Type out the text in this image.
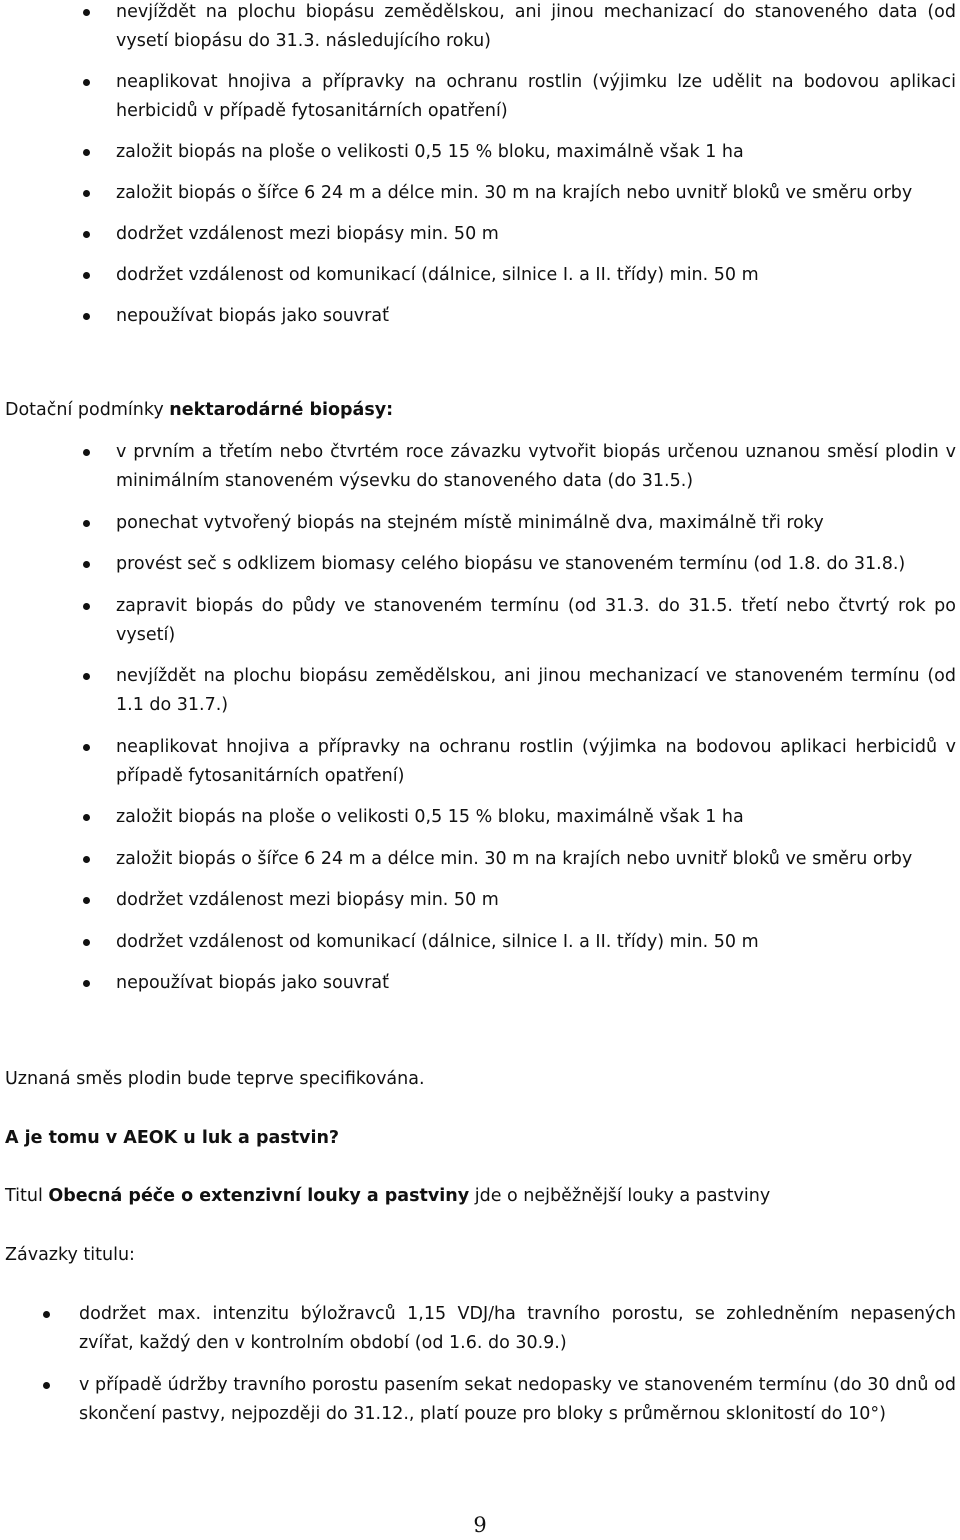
nevjíždět na plochu biopásu zemědělskou, ani jinou mechanizací do stanoveného data (od vysetí biopásu do 31.3. následujícího roku)
neaplikovat hnojiva a přípravky na ochranu rostlin (výjimku lze udělit na bodovou aplikaci herbicidů v případě fytosanitárních opatření)
založit biopás na ploše o velikosti 0,5 15 % bloku, maximálně však 1 ha
založit biopás o šířce 6 24 m a délce min. 30 m na krajích nebo uvnitř bloků ve směru orby
dodržet vzdálenost mezi biopásy min. 50 m
dodržet vzdálenost od komunikací (dálnice, silnice I. a II. třídy) min. 50 m
nepoužívat biopás jako souvrať

Dotační podmínky nektarodárné biopásy:

v prvním a třetím nebo čtvrtém roce závazku vytvořit biopás určenou uznanou směsí plodin v minimálním stanoveném výsevku do stanoveného data (do 31.5.)
ponechat vytvořený biopás na stejném místě minimálně dva, maximálně tři roky
provést seč s odklizem biomasy celého biopásu ve stanoveném termínu (od 1.8. do 31.8.)
zapravit biopás do půdy ve stanoveném termínu (od 31.3. do 31.5. třetí nebo čtvrtý rok po vysetí)
nevjíždět na plochu biopásu zemědělskou, ani jinou mechanizací ve stanoveném termínu (od 1.1 do 31.7.)
neaplikovat hnojiva a přípravky na ochranu rostlin (výjimka na bodovou aplikaci herbicidů v případě fytosanitárních opatření)
založit biopás na ploše o velikosti 0,5 15 % bloku, maximálně však 1 ha
založit biopás o šířce 6 24 m a délce min. 30 m na krajích nebo uvnitř bloků ve směru orby
dodržet vzdálenost mezi biopásy min. 50 m
dodržet vzdálenost od komunikací (dálnice, silnice I. a II. třídy) min. 50 m
nepoužívat biopás jako souvrať

Uznaná směs plodin bude teprve specifikována.

A je tomu v AEOK u luk a pastvin?

Titul Obecná péče o extenzivní louky a pastviny jde o nejběžnější louky a pastviny

Závazky titulu:

dodržet max. intenzitu býložravců 1,15 VDJ/ha travního porostu, se zohledněním nepasených zvířat, každý den v kontrolním období (od 1.6. do 30.9.)
v případě údržby travního porostu pasením sekat nedopasky ve stanoveném termínu (do 30 dnů od skončení pastvy, nejpozději do 31.12., platí pouze pro bloky s průměrnou sklonitostí do 10°)
9
